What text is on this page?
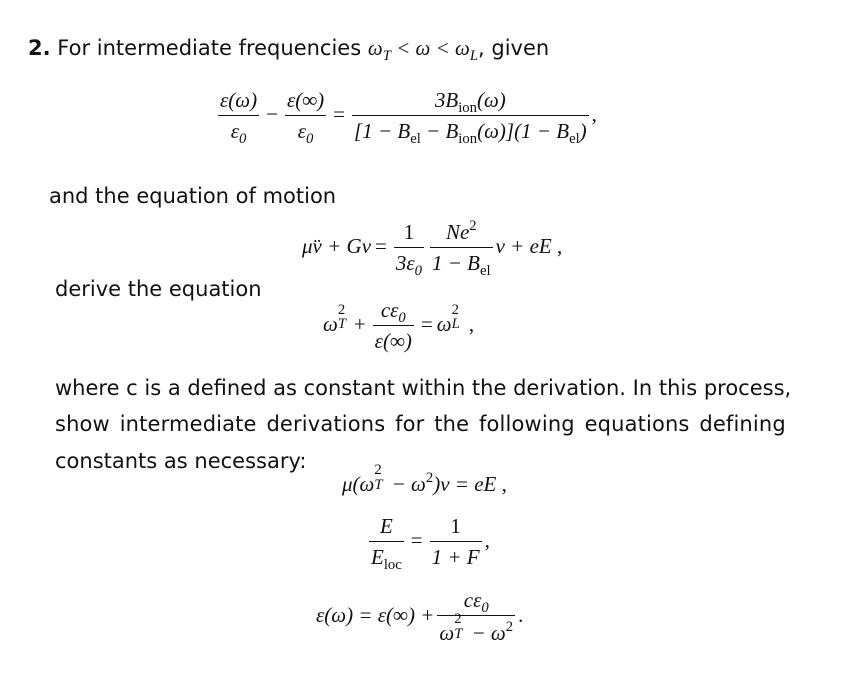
2. For intermediate frequencies $\omega_T < \omega < \omega_L$, given
$\frac{\varepsilon(\omega)}{\varepsilon_0} - \frac{\varepsilon(\infty)}{\varepsilon_0} = \frac{3B_{ion}(\omega)}{[1 - B_{el} - B_{ion}(\omega)](1 - B_{el})}$ ,
and the equation of motion
μv̈ + $Gv = \frac{1}{3\varepsilon_0} \frac{Ne^2}{1 - B_{el}}$ v + eE ,
derive the equation
ω
2
$T + \frac{c\varepsilon_0}{\varepsilon(\infty)} = \omega$
2
L ,
where c is a defined as constant within the derivation. In this process,
show intermediate derivations for the following equations defining
constants as necessary:
μ(ω
2
$T - \omega^2)v$ = eE ,
$\frac{E}{E_{loc}} = \frac{1}{1 + F}$ ,
$\varepsilon(\omega) = \varepsilon(\infty) + c\varepsilon_0$
ω
2
$T - \omega^2$ .
